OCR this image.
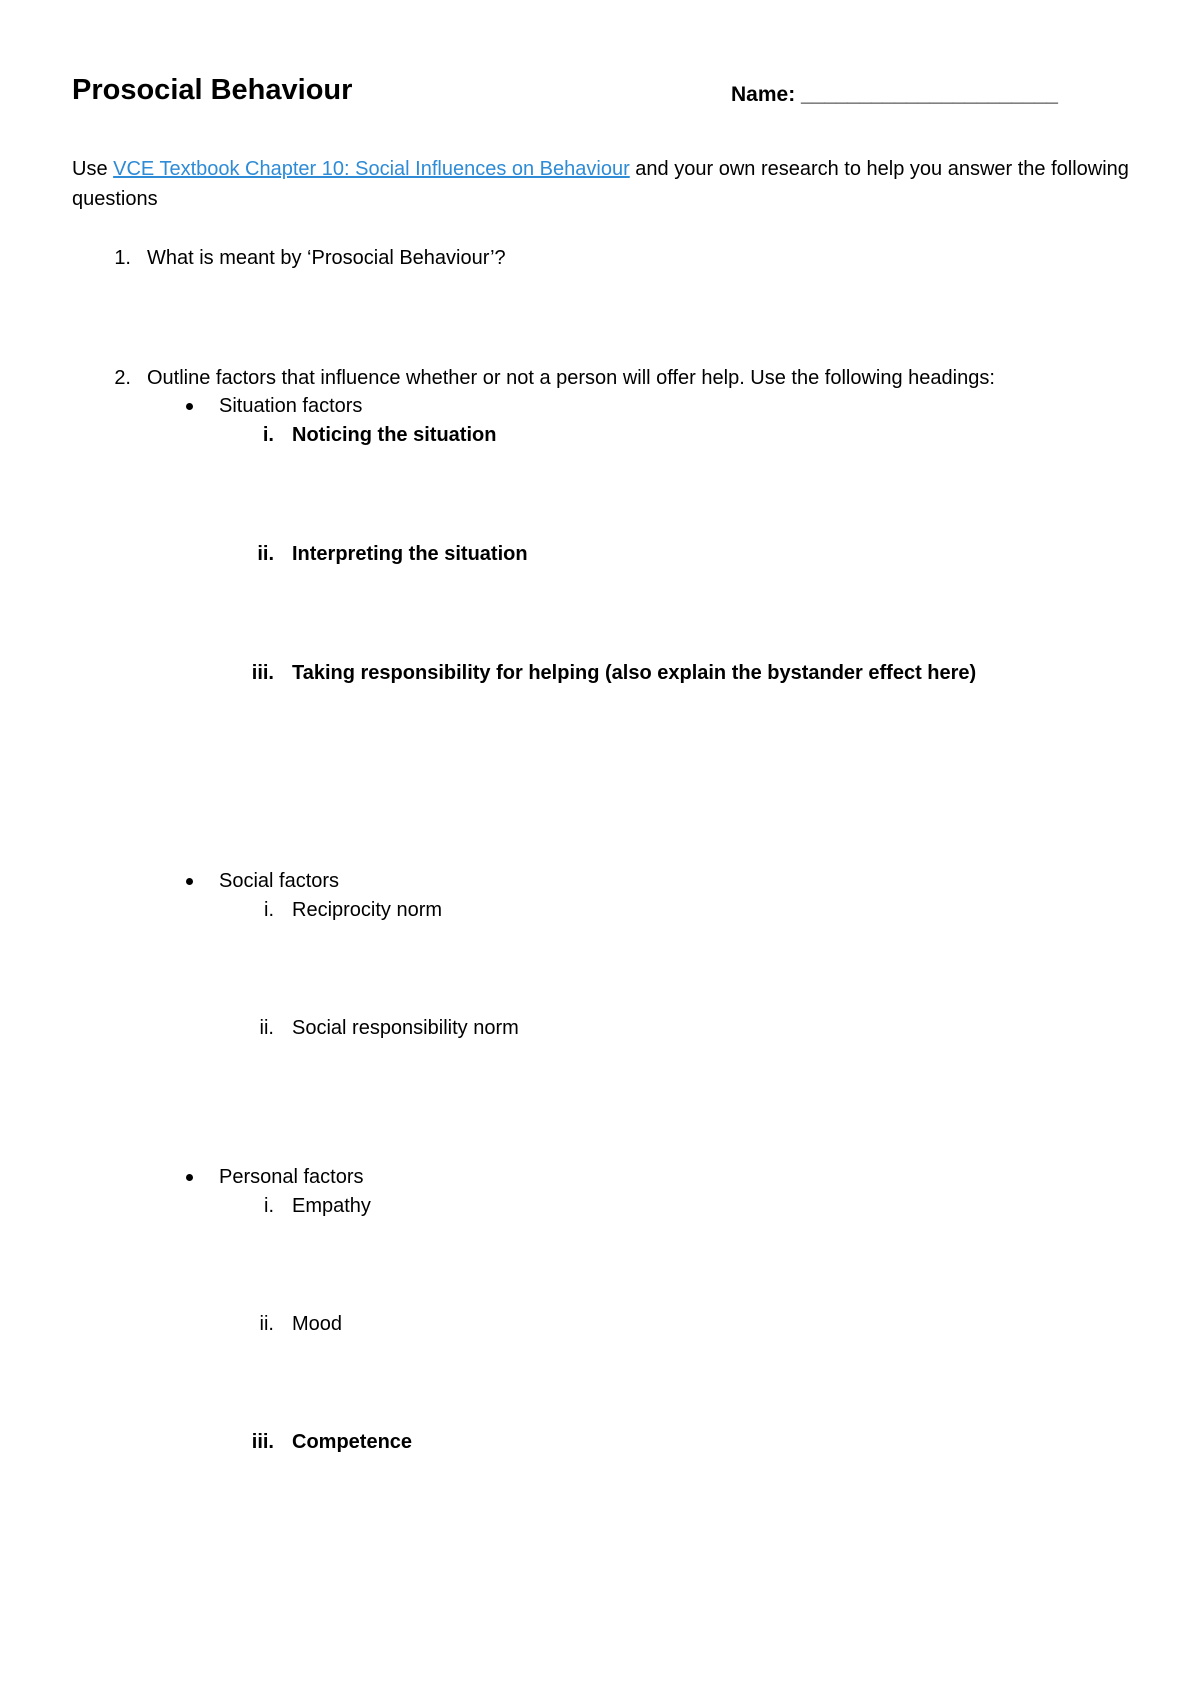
Prosocial Behaviour	Name: ______________________
Use VCE Textbook Chapter 10: Social Influences on Behaviour and your own research to help you answer the following questions
1. What is meant by ‘Prosocial Behaviour’?
2. Outline factors that influence whether or not a person will offer help. Use the following headings:
Situation factors
i. Noticing the situation
ii. Interpreting the situation
iii. Taking responsibility for helping (also explain the bystander effect here)
Social factors
i. Reciprocity norm
ii. Social responsibility norm
Personal factors
i. Empathy
ii. Mood
iii. Competence
